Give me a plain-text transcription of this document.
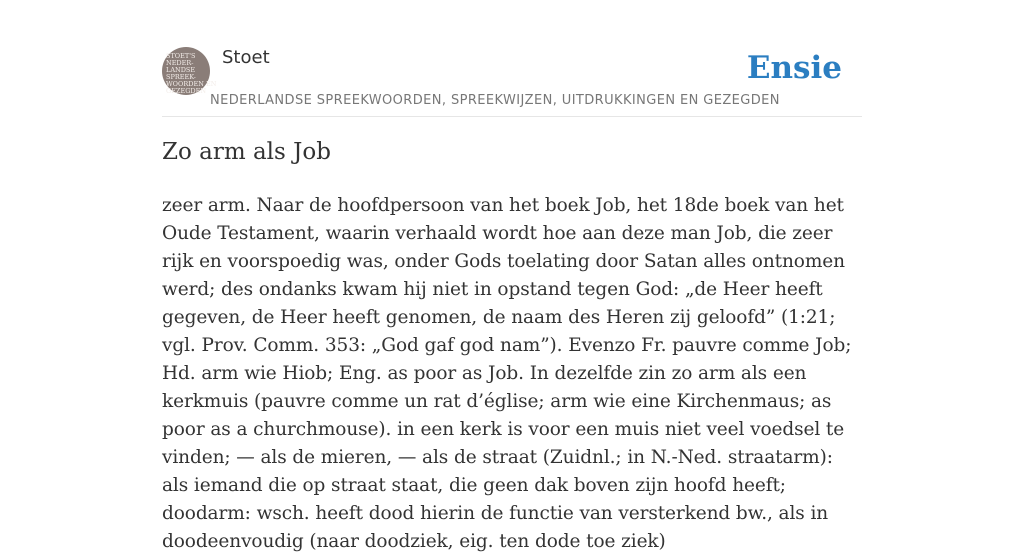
STOET'S
NEDER-
LANDSE
SPREEK-
WOORDEN EN
GEZEGDEN
Stoet	Ensie
NEDERLANDSE SPREEKWOORDEN, SPREEKWIJZEN, UITDRUKKINGEN EN GEZEGDEN
Zo arm als Job

zeer arm. Naar de hoofdpersoon van het boek Job, het 18de boek van het Oude Testament, waarin verhaald wordt hoe aan deze man Job, die zeer rijk en voorspoedig was, onder Gods toelating door Satan alles ontnomen werd; des ondanks kwam hij niet in opstand tegen God: „de Heer heeft gegeven, de Heer heeft genomen, de naam des Heren zij geloofd” (1:21; vgl. Prov. Comm. 353: „God gaf god nam”). Evenzo Fr. pauvre comme Job; Hd. arm wie Hiob; Eng. as poor as Job. In dezelfde zin zo arm als een kerkmuis (pauvre comme un rat d’église; arm wie eine Kirchenmaus; as poor as a churchmouse). in een kerk is voor een muis niet veel voedsel te vinden; — als de mieren, — als de straat (Zuidnl.; in N.-Ned. straatarm): als iemand die op straat staat, die geen dak boven zijn hoofd heeft; doodarm: wsch. heeft dood hierin de functie van versterkend bw., als in doodeenvoudig (naar doodziek, eig. ten dode toe ziek)
